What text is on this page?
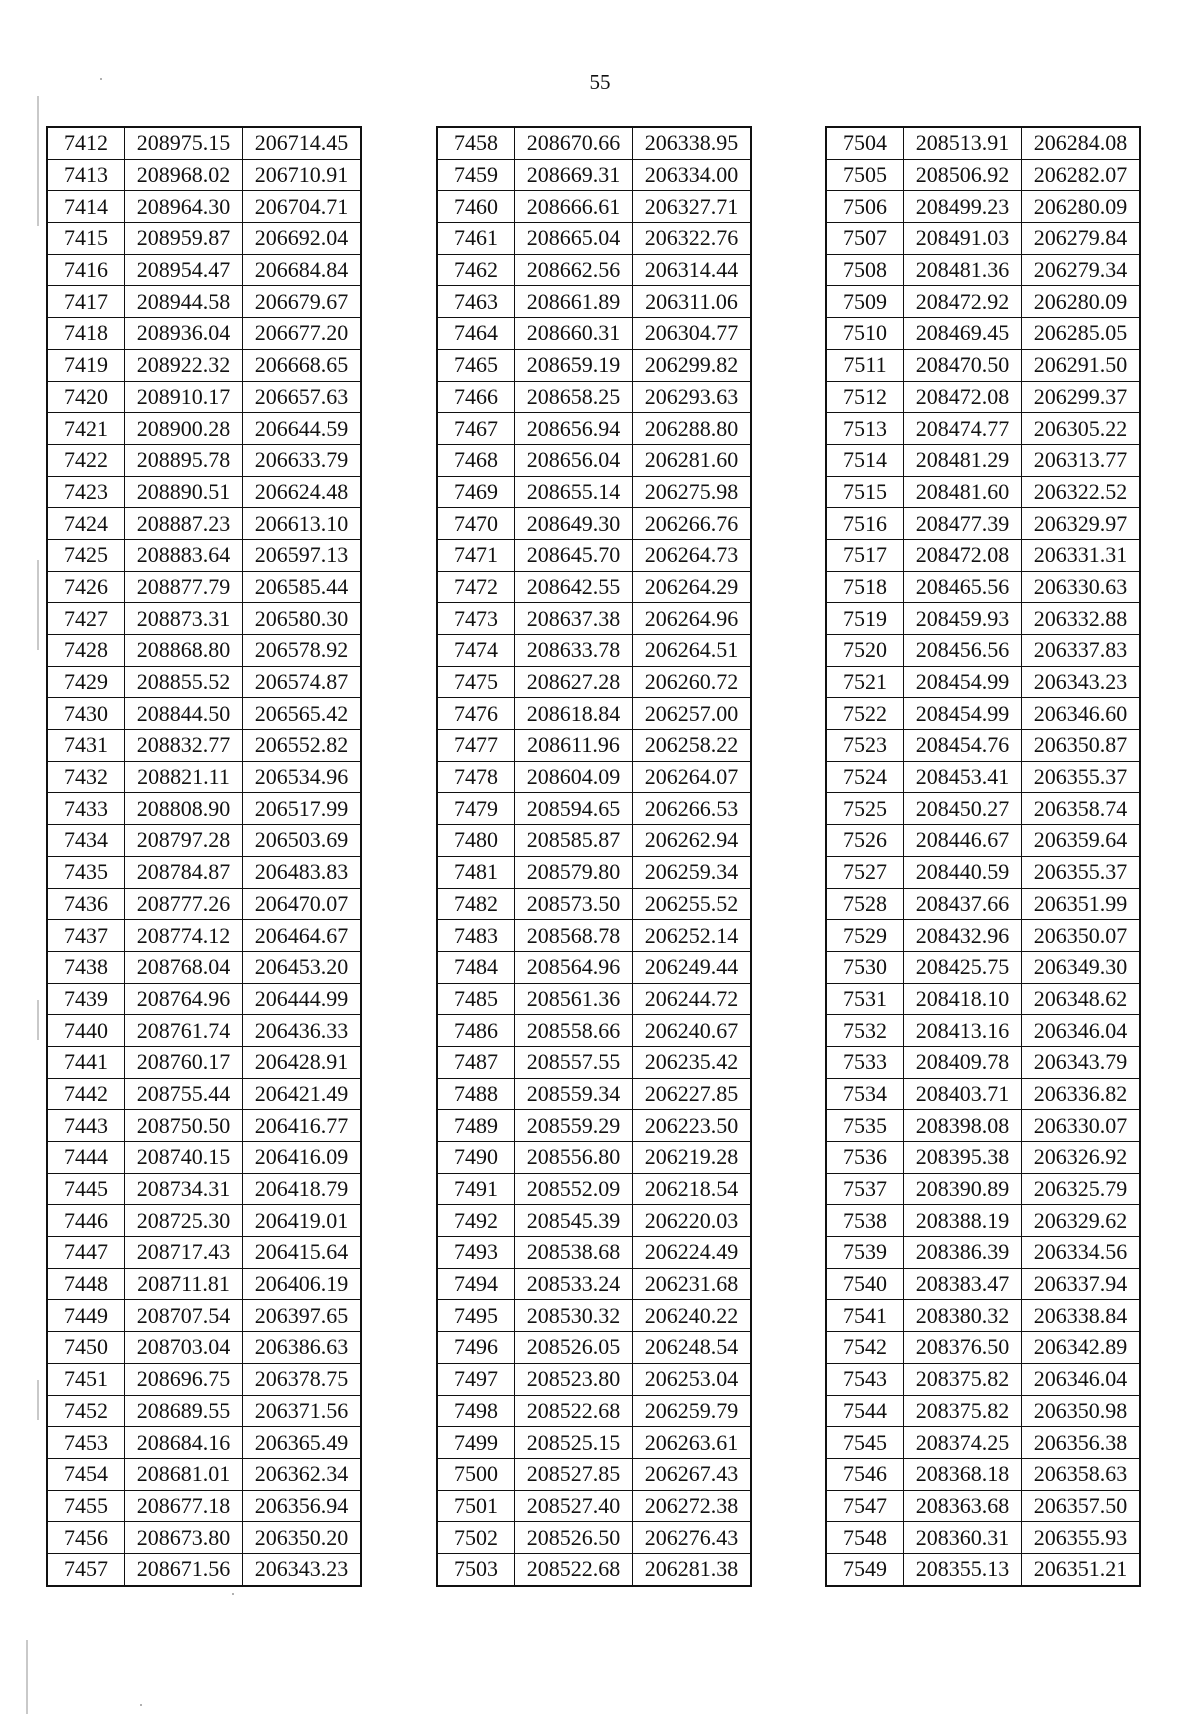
55
7412	208975.15	206714.45
7413	208968.02	206710.91
7414	208964.30	206704.71
7415	208959.87	206692.04
7416	208954.47	206684.84
7417	208944.58	206679.67
7418	208936.04	206677.20
7419	208922.32	206668.65
7420	208910.17	206657.63
7421	208900.28	206644.59
7422	208895.78	206633.79
7423	208890.51	206624.48
7424	208887.23	206613.10
7425	208883.64	206597.13
7426	208877.79	206585.44
7427	208873.31	206580.30
7428	208868.80	206578.92
7429	208855.52	206574.87
7430	208844.50	206565.42
7431	208832.77	206552.82
7432	208821.11	206534.96
7433	208808.90	206517.99
7434	208797.28	206503.69
7435	208784.87	206483.83
7436	208777.26	206470.07
7437	208774.12	206464.67
7438	208768.04	206453.20
7439	208764.96	206444.99
7440	208761.74	206436.33
7441	208760.17	206428.91
7442	208755.44	206421.49
7443	208750.50	206416.77
7444	208740.15	206416.09
7445	208734.31	206418.79
7446	208725.30	206419.01
7447	208717.43	206415.64
7448	208711.81	206406.19
7449	208707.54	206397.65
7450	208703.04	206386.63
7451	208696.75	206378.75
7452	208689.55	206371.56
7453	208684.16	206365.49
7454	208681.01	206362.34
7455	208677.18	206356.94
7456	208673.80	206350.20
7457	208671.56	206343.23
7458	208670.66	206338.95
7459	208669.31	206334.00
7460	208666.61	206327.71
7461	208665.04	206322.76
7462	208662.56	206314.44
7463	208661.89	206311.06
7464	208660.31	206304.77
7465	208659.19	206299.82
7466	208658.25	206293.63
7467	208656.94	206288.80
7468	208656.04	206281.60
7469	208655.14	206275.98
7470	208649.30	206266.76
7471	208645.70	206264.73
7472	208642.55	206264.29
7473	208637.38	206264.96
7474	208633.78	206264.51
7475	208627.28	206260.72
7476	208618.84	206257.00
7477	208611.96	206258.22
7478	208604.09	206264.07
7479	208594.65	206266.53
7480	208585.87	206262.94
7481	208579.80	206259.34
7482	208573.50	206255.52
7483	208568.78	206252.14
7484	208564.96	206249.44
7485	208561.36	206244.72
7486	208558.66	206240.67
7487	208557.55	206235.42
7488	208559.34	206227.85
7489	208559.29	206223.50
7490	208556.80	206219.28
7491	208552.09	206218.54
7492	208545.39	206220.03
7493	208538.68	206224.49
7494	208533.24	206231.68
7495	208530.32	206240.22
7496	208526.05	206248.54
7497	208523.80	206253.04
7498	208522.68	206259.79
7499	208525.15	206263.61
7500	208527.85	206267.43
7501	208527.40	206272.38
7502	208526.50	206276.43
7503	208522.68	206281.38
7504	208513.91	206284.08
7505	208506.92	206282.07
7506	208499.23	206280.09
7507	208491.03	206279.84
7508	208481.36	206279.34
7509	208472.92	206280.09
7510	208469.45	206285.05
7511	208470.50	206291.50
7512	208472.08	206299.37
7513	208474.77	206305.22
7514	208481.29	206313.77
7515	208481.60	206322.52
7516	208477.39	206329.97
7517	208472.08	206331.31
7518	208465.56	206330.63
7519	208459.93	206332.88
7520	208456.56	206337.83
7521	208454.99	206343.23
7522	208454.99	206346.60
7523	208454.76	206350.87
7524	208453.41	206355.37
7525	208450.27	206358.74
7526	208446.67	206359.64
7527	208440.59	206355.37
7528	208437.66	206351.99
7529	208432.96	206350.07
7530	208425.75	206349.30
7531	208418.10	206348.62
7532	208413.16	206346.04
7533	208409.78	206343.79
7534	208403.71	206336.82
7535	208398.08	206330.07
7536	208395.38	206326.92
7537	208390.89	206325.79
7538	208388.19	206329.62
7539	208386.39	206334.56
7540	208383.47	206337.94
7541	208380.32	206338.84
7542	208376.50	206342.89
7543	208375.82	206346.04
7544	208375.82	206350.98
7545	208374.25	206356.38
7546	208368.18	206358.63
7547	208363.68	206357.50
7548	208360.31	206355.93
7549	208355.13	206351.21
